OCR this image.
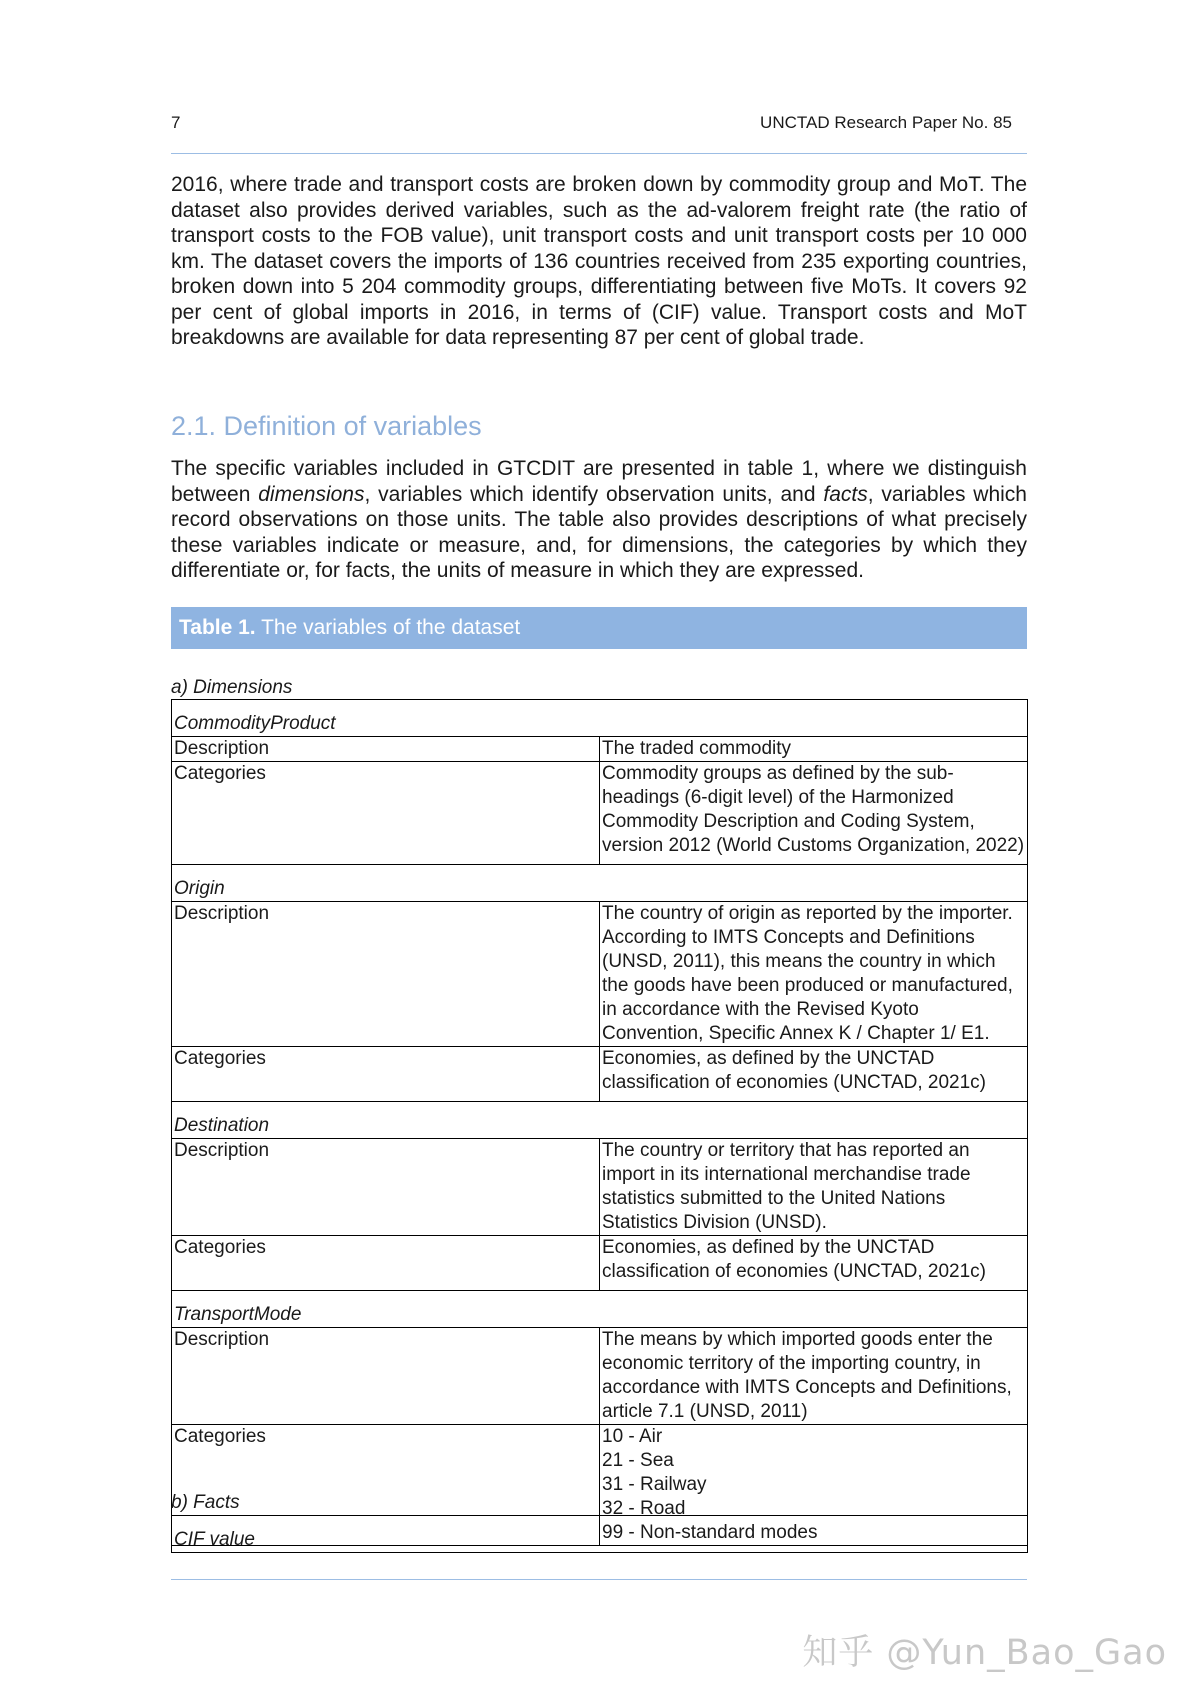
7	UNCTAD Research Paper No. 85

2016, where trade and transport costs are broken down by commodity group and MoT. The dataset also provides derived variables, such as the ad-valorem freight rate (the ratio of transport costs to the FOB value), unit transport costs and unit transport costs per 10 000 km. The dataset covers the imports of 136 countries received from 235 exporting countries, broken down into 5 204 commodity groups, differentiating between five MoTs. It covers 92 per cent of global imports in 2016, in terms of (CIF) value. Transport costs and MoT breakdowns are available for data representing 87 per cent of global trade.

2.1. Definition of variables

The specific variables included in GTCDIT are presented in table 1, where we distinguish between dimensions, variables which identify observation units, and facts, variables which record observations on those units. The table also provides descriptions of what precisely these variables indicate or measure, and, for dimensions, the categories by which they differentiate or, for facts, the units of measure in which they are expressed.

Table 1. The variables of the dataset

a) Dimensions

CommodityProduct	
Description	The traded commodity
Categories	Commodity groups as defined by the sub-headings (6-digit level) of the Harmonized Commodity Description and Coding System, version 2012 (World Customs Organization, 2022)
Origin	
Description	The country of origin as reported by the importer. According to IMTS Concepts and Definitions (UNSD, 2011), this means the country in which the goods have been produced or manufactured, in accordance with the Revised Kyoto Convention, Specific Annex K / Chapter 1/ E1.
Categories	Economies, as defined by the UNCTAD classification of economies (UNCTAD, 2021c)
Destination	
Description	The country or territory that has reported an import in its international merchandise trade statistics submitted to the United Nations Statistics Division (UNSD).
Categories	Economies, as defined by the UNCTAD classification of economies (UNCTAD, 2021c)
TransportMode	
Description	The means by which imported goods enter the economic territory of the importing country, in accordance with IMTS Concepts and Definitions, article 7.1 (UNSD, 2011)
Categories	10 - Air
21 - Sea
31 - Railway
32 - Road
99 - Non-standard modes

b) Facts

CIF value
知乎 @Yun_Bao_Gao
